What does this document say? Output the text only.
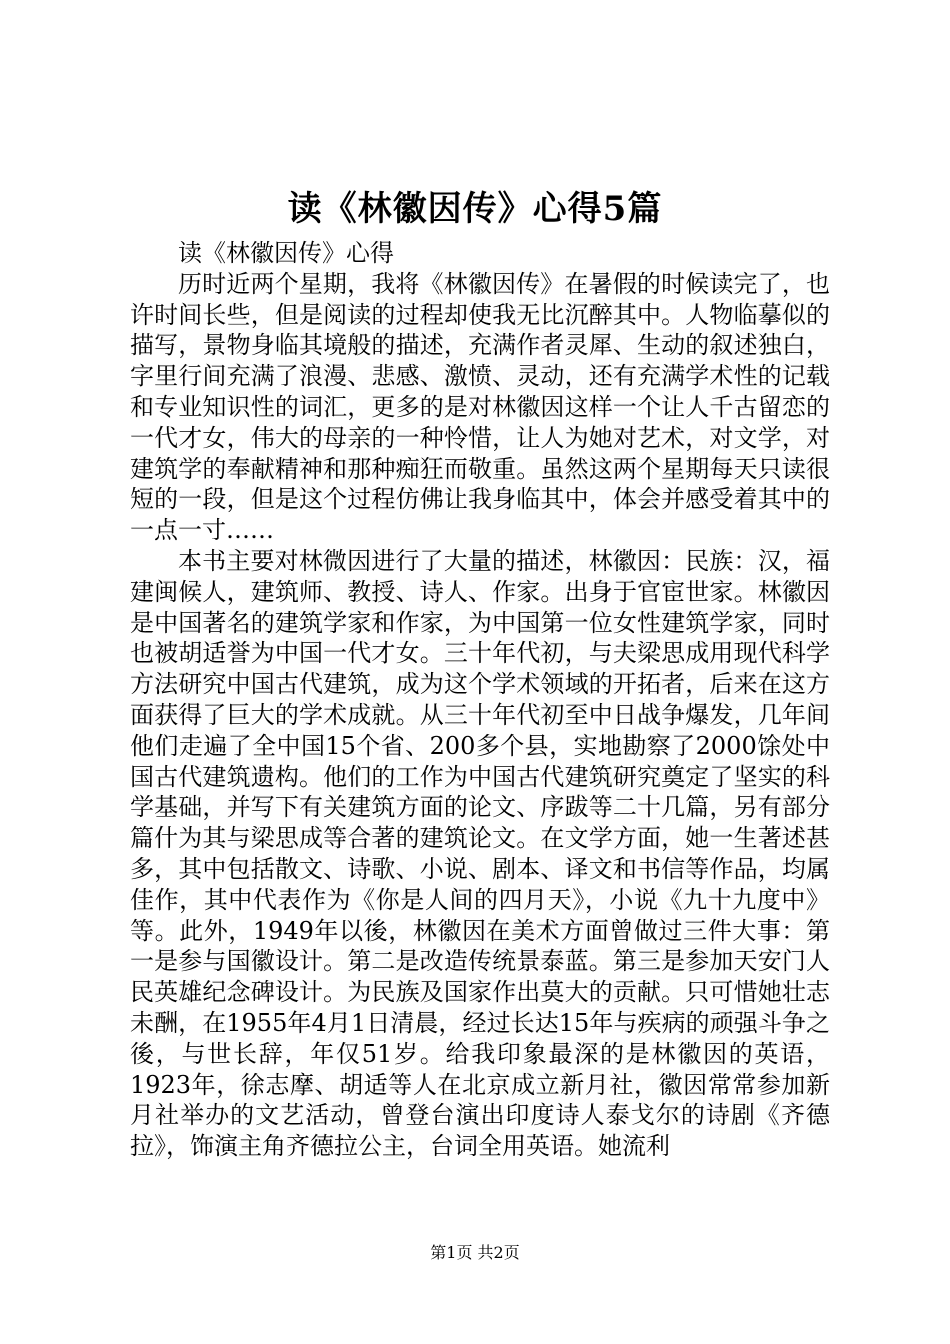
读《林徽因传》心得5篇
读《林徽因传》心得

历时近两个星期，我将《林徽因传》在暑假的时候读完了，也许时间长些，但是阅读的过程却使我无比沉醉其中。人物临摹似的描写，景物身临其境般的描述，充满作者灵犀、生动的叙述独白，字里行间充满了浪漫、悲感、激愤、灵动，还有充满学术性的记载和专业知识性的词汇，更多的是对林徽因这样一个让人千古留恋的一代才女，伟大的母亲的一种怜惜，让人为她对艺术，对文学，对建筑学的奉献精神和那种痴狂而敬重。虽然这两个星期每天只读很短的一段，但是这个过程仿佛让我身临其中，体会并感受着其中的一点一寸……

本书主要对林微因进行了大量的描述，林徽因：民族：汉，福建闽候人，建筑师、教授、诗人、作家。出身于官宦世家。林徽因是中国著名的建筑学家和作家，为中国第一位女性建筑学家，同时也被胡适誉为中国一代才女。三十年代初，与夫梁思成用现代科学方法研究中国古代建筑，成为这个学术领域的开拓者，后来在这方面获得了巨大的学术成就。从三十年代初至中日战争爆发，几年间他们走遍了全中国15个省、200多个县，实地勘察了2000馀处中国古代建筑遗构。他们的工作为中国古代建筑研究奠定了坚实的科学基础，并写下有关建筑方面的论文、序跋等二十几篇，另有部分篇什为其与梁思成等合著的建筑论文。在文学方面，她一生著述甚多，其中包括散文、诗歌、小说、剧本、译文和书信等作品，均属佳作，其中代表作为《你是人间的四月天》，小说《九十九度中》等。此外，1949年以後，林徽因在美术方面曾做过三件大事：第一是参与国徽设计。第二是改造传统景泰蓝。第三是参加天安门人民英雄纪念碑设计。为民族及国家作出莫大的贡献。只可惜她壮志未酬，在1955年4月1日清晨，经过长达15年与疾病的顽强斗争之後，与世长辞，年仅51岁。给我印象最深的是林徽因的英语，1923年，徐志摩、胡适等人在北京成立新月社，徽因常常参加新月社举办的文艺活动，曾登台演出印度诗人泰戈尔的诗剧《齐德拉》，饰演主角齐德拉公主，台词全用英语。她流利

第1页 共2页
